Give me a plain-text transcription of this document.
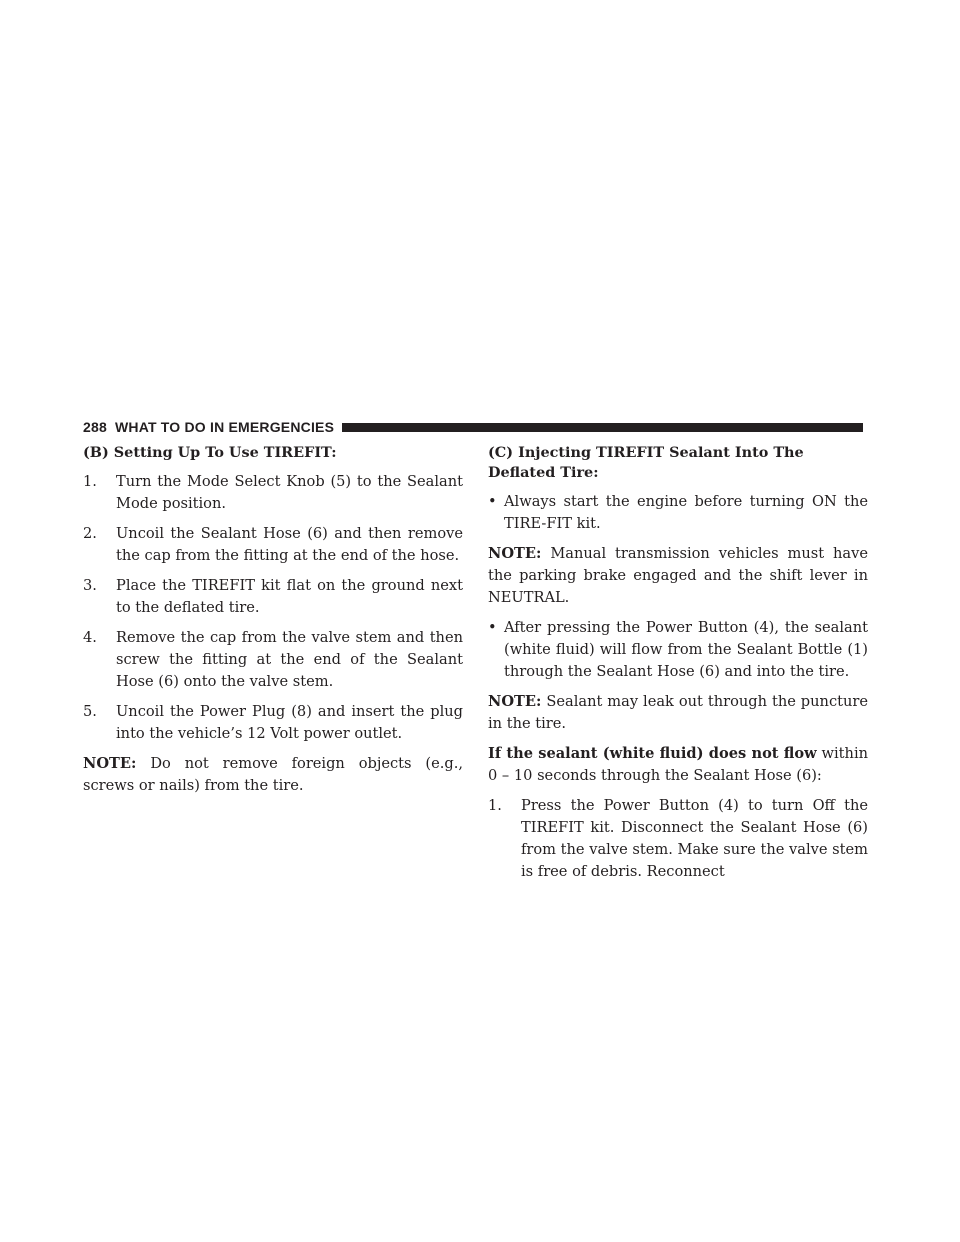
288 WHAT TO DO IN EMERGENCIES
(B) Setting Up To Use TIREFIT:

1. Turn the Mode Select Knob (5) to the Sealant Mode position.

2. Uncoil the Sealant Hose (6) and then remove the cap from the fitting at the end of the hose.

3. Place the TIREFIT kit flat on the ground next to the deflated tire.

4. Remove the cap from the valve stem and then screw the fitting at the end of the Sealant Hose (6) onto the valve stem.

5. Uncoil the Power Plug (8) and insert the plug into the vehicle’s 12 Volt power outlet.

NOTE: Do not remove foreign objects (e.g., screws or nails) from the tire.

(C) Injecting TIREFIT Sealant Into The Deflated Tire:
• Always start the engine before turning ON the TIRE-FIT kit.

NOTE: Manual transmission vehicles must have the parking brake engaged and the shift lever in NEUTRAL.

• After pressing the Power Button (4), the sealant (white fluid) will flow from the Sealant Bottle (1) through the Sealant Hose (6) and into the tire.

NOTE: Sealant may leak out through the puncture in the tire.

If the sealant (white fluid) does not flow within 0 – 10 seconds through the Sealant Hose (6):

1. Press the Power Button (4) to turn Off the TIREFIT kit. Disconnect the Sealant Hose (6) from the valve stem. Make sure the valve stem is free of debris. Reconnect
